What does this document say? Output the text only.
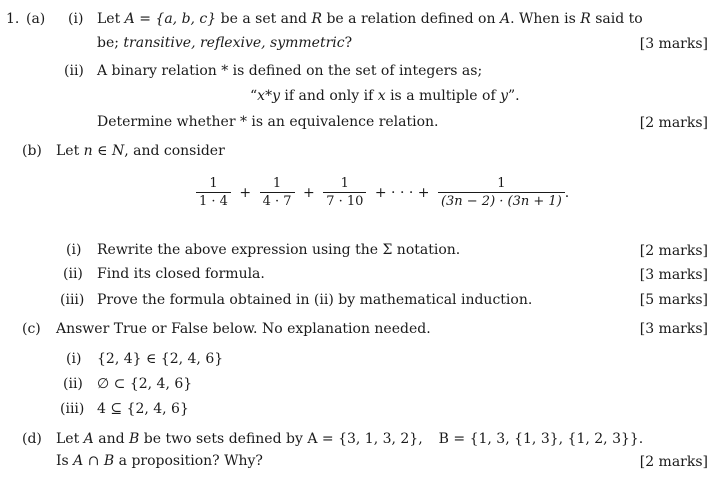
1. (a) (i) Let A = {a, b, c} be a set and R be a relation defined on A. When is R said to
be; transitive, reflexive, symmetric?	[3 marks]
(ii) A binary relation * is defined on the set of integers as;
“x*y if and only if x is a multiple of y”.
Determine whether * is an equivalence relation.	[2 marks]
(b) Let n ∈ N, and consider
$\frac{1}{1 \cdot 4} + \frac{1}{4 \cdot 7} + \frac{1}{7 \cdot 10}$ + · · · + $\frac{1}{(3n - 2) \cdot (3n + 1)}$ .
(i) Rewrite the above expression using the Σ notation.	[2 marks]
(ii) Find its closed formula.	[3 marks]
(iii) Prove the formula obtained in (ii) by mathematical induction.	[5 marks]
(c) Answer True or False below. No explanation needed.	[3 marks]
(i) {2, 4} ∈ {2, 4, 6}
(ii) ∅ ⊂ {2, 4, 6}
(iii) 4 ⊆ {2, 4, 6}
(d) Let A and B be two sets defined by A = {3, 1, 3, 2}, B = {1, 3, {1, 3}, {1, 2, 3}}.
Is A ∩ B a proposition? Why?	[2 marks]
